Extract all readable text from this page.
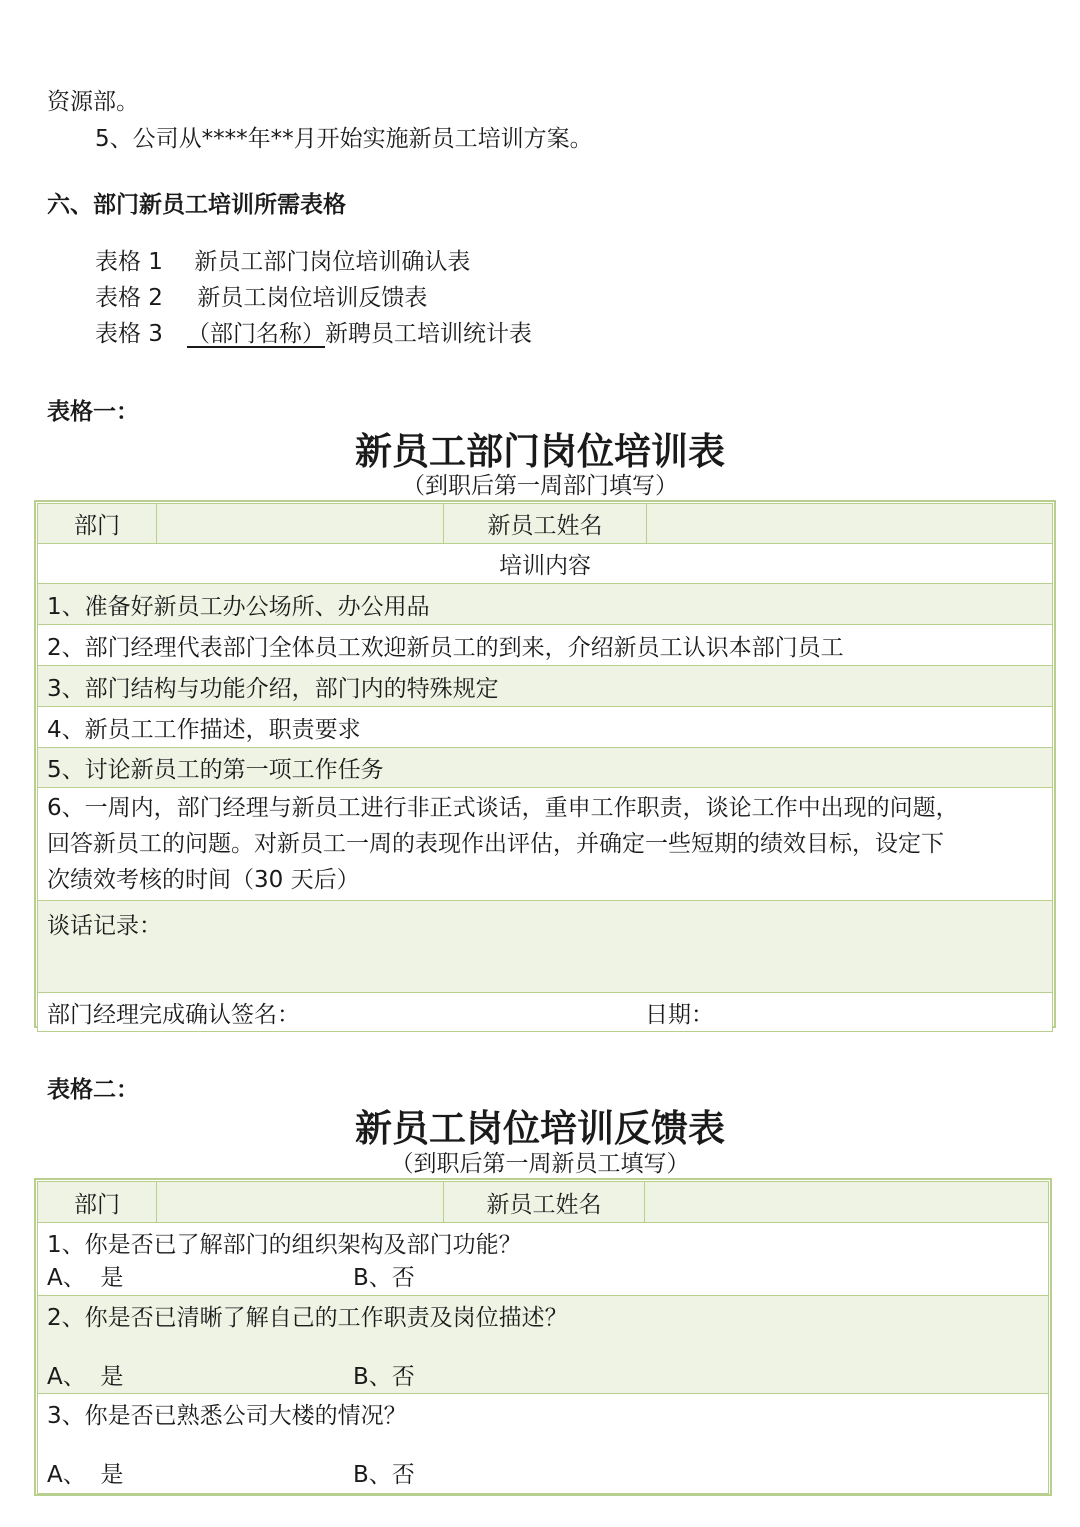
资源部。
5、公司从****年**月开始实施新员工培训方案。
六、部门新员工培训所需表格
表格 1 新员工部门岗位培训确认表
表格 2 新员工岗位培训反馈表
表格 3 （部门名称）新聘员工培训统计表
表格一：
新员工部门岗位培训表
（到职后第一周部门填写）
部门		新员工姓名	
培训内容
1、准备好新员工办公场所、办公用品
2、部门经理代表部门全体员工欢迎新员工的到来，介绍新员工认识本部门员工
3、部门结构与功能介绍，部门内的特殊规定
4、新员工工作描述，职责要求
5、讨论新员工的第一项工作任务

6、一周内，部门经理与新员工进行非正式谈话，重申工作职责，谈论工作中出现的问题，
回答新员工的问题。对新员工一周的表现作出评估，并确定一些短期的绩效目标，设定下
次绩效考核的时间（30 天后）

谈话记录：
部门经理完成确认签名：	日期：
表格二：
新员工岗位培训反馈表
（到职后第一周新员工填写）
部门		新员工姓名	

1、你是否已了解部门的组织架构及部门功能？
A、  是	B、否

2、你是否已清晰了解自己的工作职责及岗位描述？
A、  是	B、否

3、你是否已熟悉公司大楼的情况？
A、  是	B、否
